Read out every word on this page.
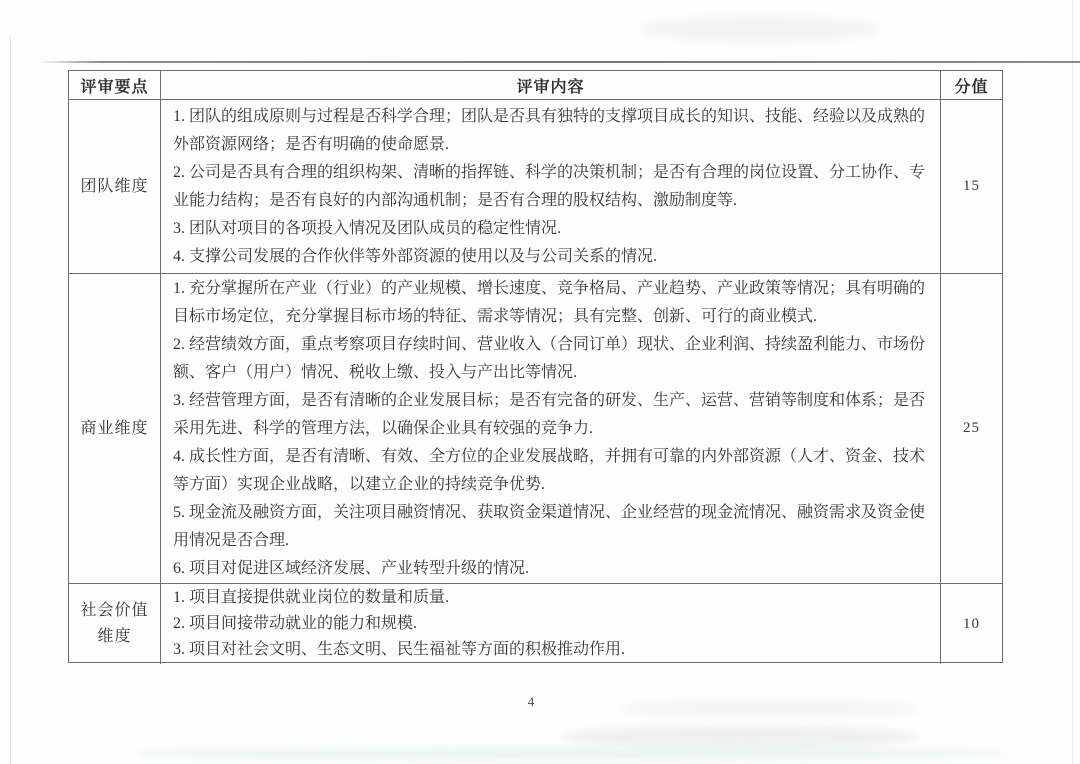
评审要点	评审内容	分值
团队维度
1. 团队的组成原则与过程是否科学合理；团队是否具有独特的支撑项目成长的知识、技能、经验以及成熟的外部资源网络；是否有明确的使命愿景.
2. 公司是否具有合理的组织构架、清晰的指挥链、科学的决策机制；是否有合理的岗位设置、分工协作、专业能力结构；是否有良好的内部沟通机制；是否有合理的股权结构、激励制度等.
3. 团队对项目的各项投入情况及团队成员的稳定性情况.
4. 支撑公司发展的合作伙伴等外部资源的使用以及与公司关系的情况.
15
商业维度
1. 充分掌握所在产业（行业）的产业规模、增长速度、竞争格局、产业趋势、产业政策等情况；具有明确的目标市场定位，充分掌握目标市场的特征、需求等情况；具有完整、创新、可行的商业模式.
2. 经营绩效方面，重点考察项目存续时间、营业收入（合同订单）现状、企业利润、持续盈利能力、市场份额、客户（用户）情况、税收上缴、投入与产出比等情况.
3. 经营管理方面，是否有清晰的企业发展目标；是否有完备的研发、生产、运营、营销等制度和体系；是否采用先进、科学的管理方法，以确保企业具有较强的竞争力.
4. 成长性方面，是否有清晰、有效、全方位的企业发展战略，并拥有可靠的内外部资源（人才、资金、技术等方面）实现企业战略，以建立企业的持续竞争优势.
5. 现金流及融资方面，关注项目融资情况、获取资金渠道情况、企业经营的现金流情况、融资需求及资金使用情况是否合理.
6. 项目对促进区域经济发展、产业转型升级的情况.
25
社会价值维度
1. 项目直接提供就业岗位的数量和质量.
2. 项目间接带动就业的能力和规模.
3. 项目对社会文明、生态文明、民生福祉等方面的积极推动作用.
10
4
